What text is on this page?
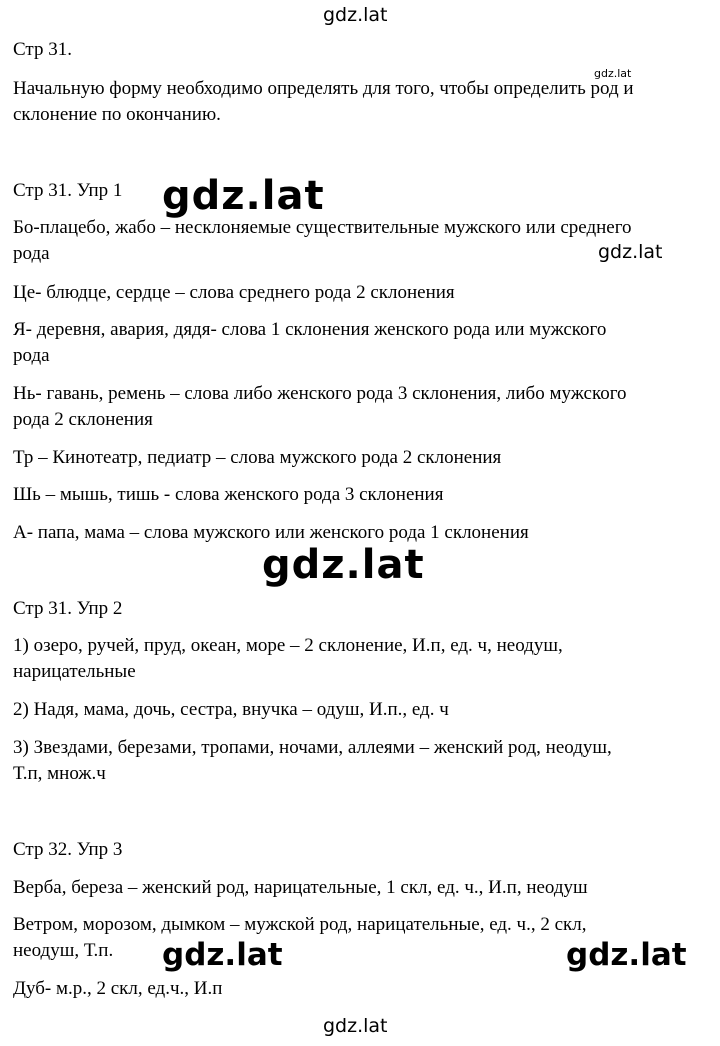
gdz.lat
gdz.lat
gdz.lat
gdz.lat
gdz.lat
gdz.lat	gdz.lat
gdz.lat
Стр 31.
Начальную форму необходимо определять для того, чтобы определить род и
склонение по окончанию.
Стр 31. Упр 1
Бо-плацебо, жабо – несклоняемые существительные мужского или среднего
рода
Це- блюдце, сердце – слова среднего рода 2 склонения
Я- деревня, авария, дядя- слова 1 склонения женского рода или мужского
рода
Нь- гавань, ремень – слова либо женского рода 3 склонения, либо мужского
рода 2 склонения
Тр – Кинотеатр, педиатр – слова мужского рода 2 склонения
Шь – мышь, тишь - слова женского рода 3 склонения
А- папа, мама – слова мужского или женского рода 1 склонения
Стр 31. Упр 2
1) озеро, ручей, пруд, океан, море – 2 склонение, И.п, ед. ч, неодуш,
нарицательные
2) Надя, мама, дочь, сестра, внучка – одуш, И.п., ед. ч
3) Звездами, березами, тропами, ночами, аллеями – женский род, неодуш,
Т.п, множ.ч
Стр 32. Упр 3
Верба, береза – женский род, нарицательные, 1 скл, ед. ч., И.п, неодуш
Ветром, морозом, дымком – мужской род, нарицательные, ед. ч., 2 скл,
неодуш, Т.п.
Дуб- м.р., 2 скл, ед.ч., И.п
